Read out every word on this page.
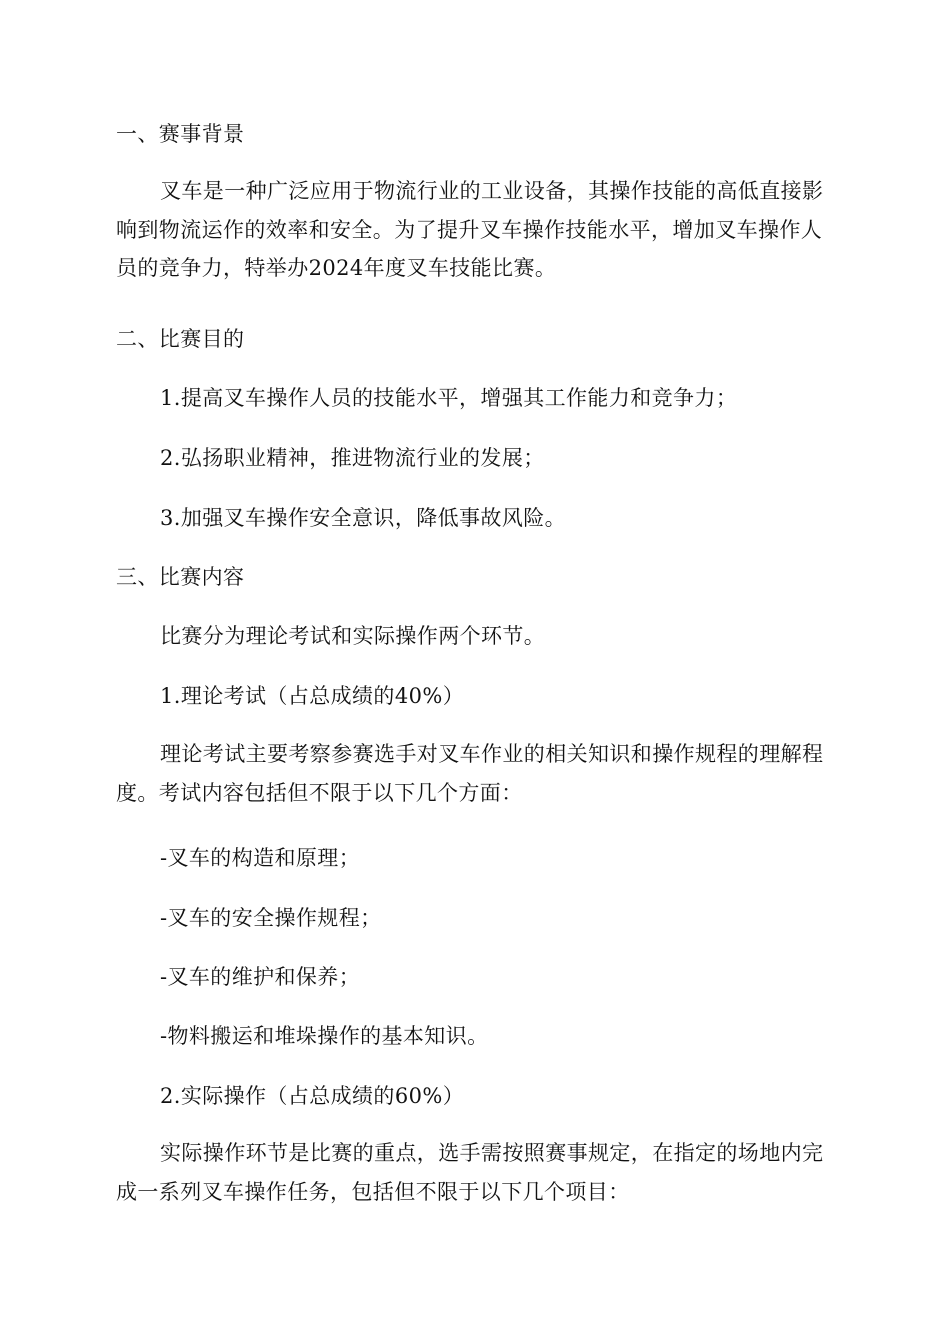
一、赛事背景

叉车是一种广泛应用于物流行业的工业设备，其操作技能的高低直接影响到物流运作的效率和安全。为了提升叉车操作技能水平，增加叉车操作人员的竞争力，特举办2024年度叉车技能比赛。

二、比赛目的

1.提高叉车操作人员的技能水平，增强其工作能力和竞争力；

2.弘扬职业精神，推进物流行业的发展；

3.加强叉车操作安全意识，降低事故风险。

三、比赛内容

比赛分为理论考试和实际操作两个环节。

1.理论考试（占总成绩的40%）

理论考试主要考察参赛选手对叉车作业的相关知识和操作规程的理解程度。考试内容包括但不限于以下几个方面：

-叉车的构造和原理；

-叉车的安全操作规程；

-叉车的维护和保养；

-物料搬运和堆垛操作的基本知识。

2.实际操作（占总成绩的60%）

实际操作环节是比赛的重点，选手需按照赛事规定，在指定的场地内完成一系列叉车操作任务，包括但不限于以下几个项目：
